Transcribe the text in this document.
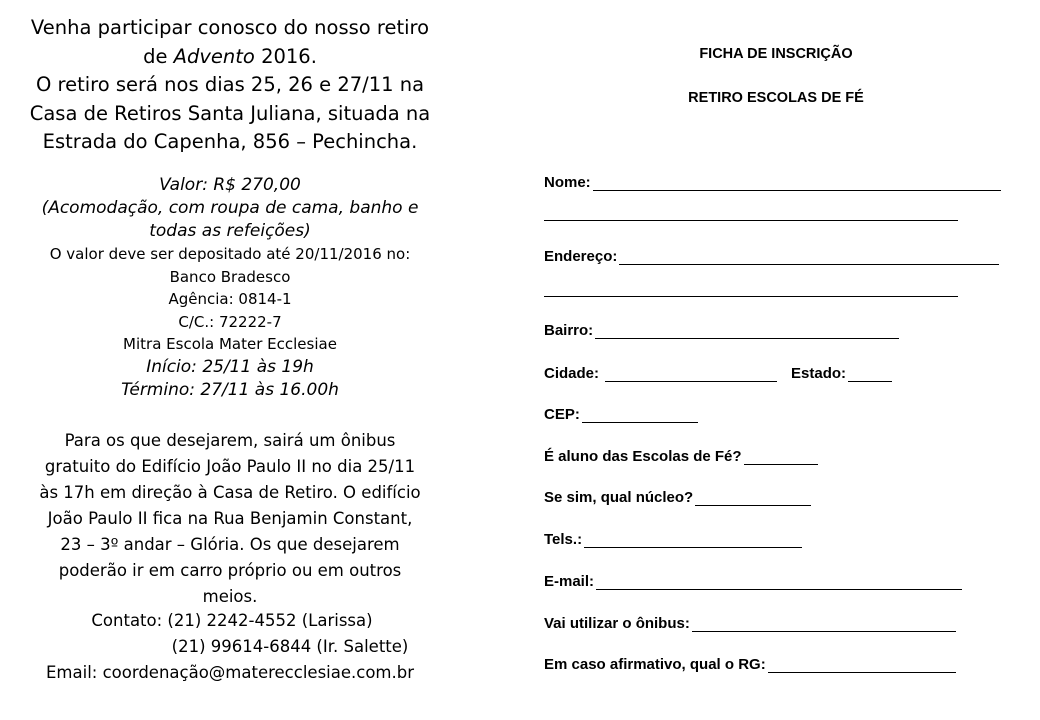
Venha participar conosco do nosso retiro
de Advento 2016.
O retiro será nos dias 25, 26 e 27/11 na
Casa de Retiros Santa Juliana, situada na
Estrada do Capenha, 856 – Pechincha.
Valor: R$ 270,00
(Acomodação, com roupa de cama, banho e
todas as refeições)
O valor deve ser depositado até 20/11/2016 no:
Banco Bradesco
Agência: 0814-1
C/C.: 72222-7
Mitra Escola Mater Ecclesiae
Início: 25/11 às 19h
Término: 27/11 às 16.00h
Para os que desejarem, sairá um ônibus
gratuito do Edifício João Paulo II no dia 25/11
às 17h em direção à Casa de Retiro. O edifício
João Paulo II fica na Rua Benjamin Constant,
23 – 3º andar – Glória. Os que desejarem
poderão ir em carro próprio ou em outros
meios.
Contato: (21) 2242-4552 (Larissa)
(21) 99614-6844 (Ir. Salette)
Email: coordenação@materecclesiae.com.br
FICHA DE INSCRIÇÃO
RETIRO ESCOLAS DE FÉ
Nome:
Endereço:
Bairro:
Cidade:	Estado:
CEP:
É aluno das Escolas de Fé?
Se sim, qual núcleo?
Tels.:
E-mail:
Vai utilizar o ônibus:
Em caso afirmativo, qual o RG:
